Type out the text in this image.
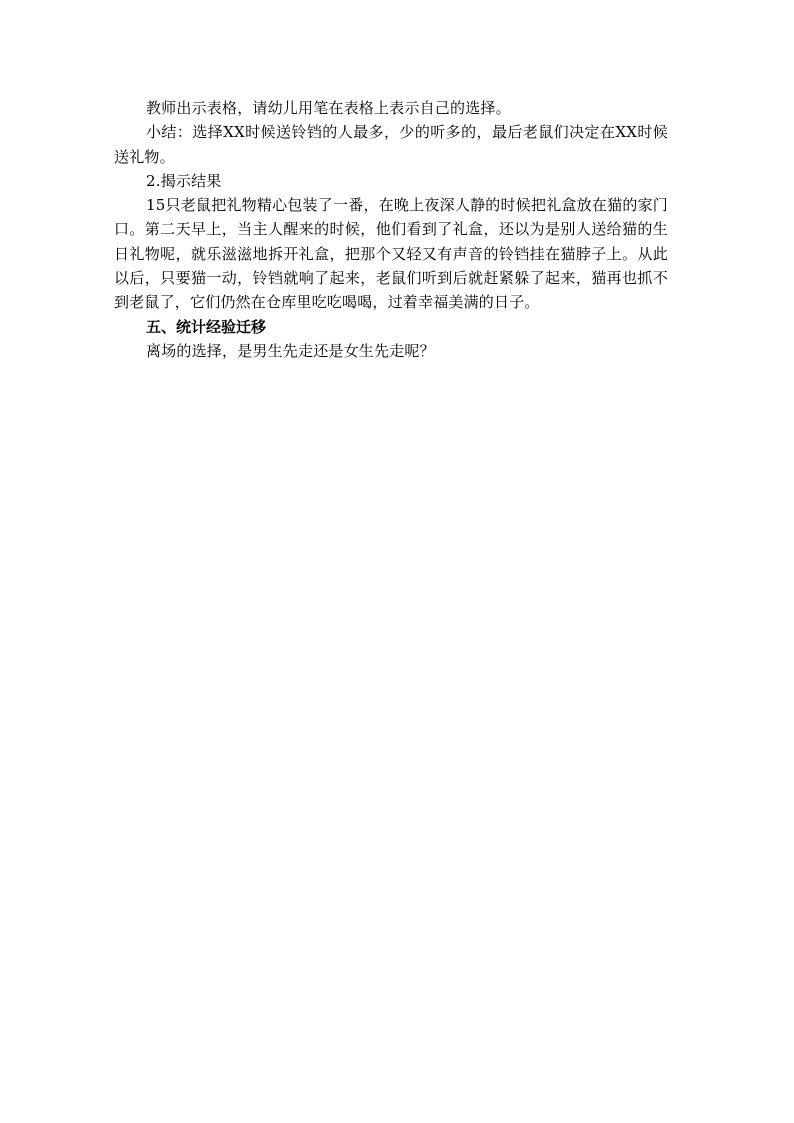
教师出示表格，请幼儿用笔在表格上表示自己的选择。

小结：选择XX时候送铃铛的人最多，少的听多的，最后老鼠们决定在XX时候送礼物。

2.揭示结果

15只老鼠把礼物精心包装了一番，在晚上夜深人静的时候把礼盒放在猫的家门口。第二天早上，当主人醒来的时候，他们看到了礼盒，还以为是别人送给猫的生日礼物呢，就乐滋滋地拆开礼盒，把那个又轻又有声音的铃铛挂在猫脖子上。从此以后，只要猫一动，铃铛就响了起来，老鼠们听到后就赶紧躲了起来，猫再也抓不到老鼠了，它们仍然在仓库里吃吃喝喝，过着幸福美满的日子。

五、统计经验迁移

离场的选择，是男生先走还是女生先走呢？
